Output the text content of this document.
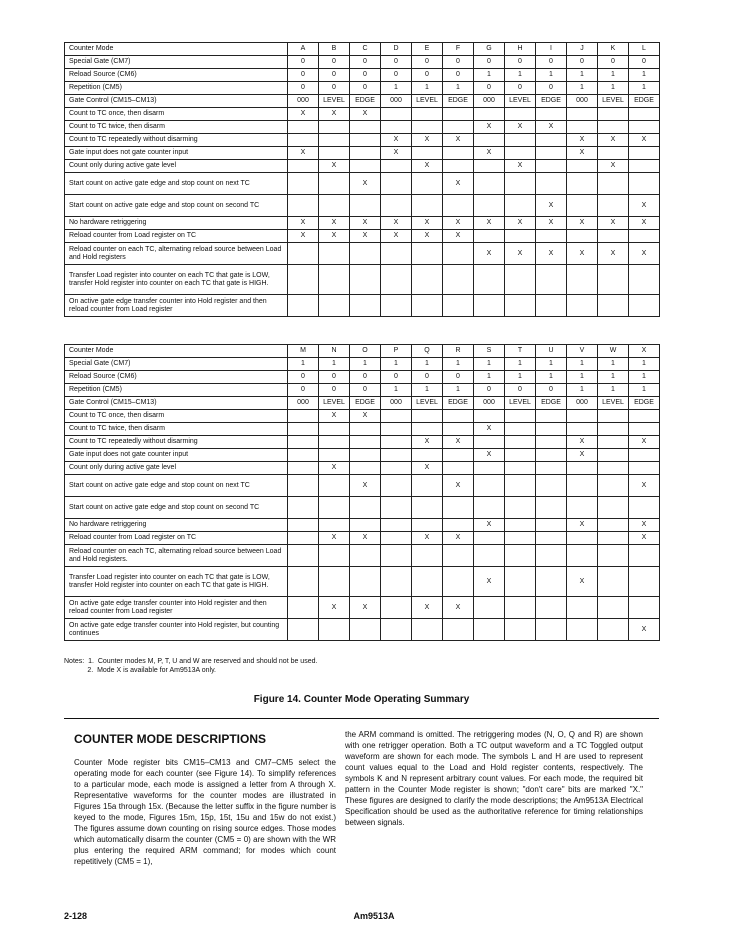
Counter Mode	A	B	C	D	E	F	G	H	I	J	K	L
Special Gate (CM7)	0	0	0	0	0	0	0	0	0	0	0	0
Reload Source (CM6)	0	0	0	0	0	0	1	1	1	1	1	1
Repetition (CM5)	0	0	0	1	1	1	0	0	0	1	1	1
Gate Control (CM15–CM13)	000	LEVEL	EDGE	000	LEVEL	EDGE	000	LEVEL	EDGE	000	LEVEL	EDGE
Count to TC once, then disarm	X	X	X									
Count to TC twice, then disarm							X	X	X			
Count to TC repeatedly without disarming				X	X	X				X	X	X
Gate input does not gate counter input	X			X			X			X		
Count only during active gate level		X			X			X			X	
Start count on active gate edge and stop count on next TC			X			X						
Start count on active gate edge and stop count on second TC									X			X
No hardware retriggering	X	X	X	X	X	X	X	X	X	X	X	X
Reload counter from Load register on TC	X	X	X	X	X	X						
Reload counter on each TC, alternating reload source between Load and Hold registers							X	X	X	X	X	X
Transfer Load register into counter on each TC that gate is LOW, transfer Hold register into counter on each TC that gate is HIGH.												
On active gate edge transfer counter into Hold register and then reload counter from Load register												
Counter Mode	M	N	O	P	Q	R	S	T	U	V	W	X
Special Gate (CM7)	1	1	1	1	1	1	1	1	1	1	1	1
Reload Source (CM6)	0	0	0	0	0	0	1	1	1	1	1	1
Repetition (CM5)	0	0	0	1	1	1	0	0	0	1	1	1
Gate Control (CM15–CM13)	000	LEVEL	EDGE	000	LEVEL	EDGE	000	LEVEL	EDGE	000	LEVEL	EDGE
Count to TC once, then disarm		X	X									
Count to TC twice, then disarm							X					
Count to TC repeatedly without disarming					X	X				X		X
Gate input does not gate counter input							X			X		
Count only during active gate level		X			X							
Start count on active gate edge and stop count on next TC			X			X						X
Start count on active gate edge and stop count on second TC												
No hardware retriggering							X			X		X
Reload counter from Load register on TC		X	X		X	X						X
Reload counter on each TC, alternating reload source between Load and Hold registers.												
Transfer Load register into counter on each TC that gate is LOW, transfer Hold register into counter on each TC that gate is HIGH.							X			X		
On active gate edge transfer counter into Hold register and then reload counter from Load register		X	X		X	X						
On active gate edge transfer counter into Hold register, but counting continues												X
Notes:  1.  Counter modes M, P, T, U and W are reserved and should not be used.
2.  Mode X is available for Am9513A only.
Figure 14. Counter Mode Operating Summary
COUNTER MODE DESCRIPTIONS
Counter Mode register bits CM15–CM13 and CM7–CM5 select the operating mode for each counter (see Figure 14). To simplify references to a particular mode, each mode is assigned a letter from A through X. Representative waveforms for the counter modes are illustrated in Figures 15a through 15x. (Because the letter suffix in the figure number is keyed to the mode, Figures 15m, 15p, 15t, 15u and 15w do not exist.) The figures assume down counting on rising source edges. Those modes which automatically disarm the counter (CM5 = 0) are shown with the WR plus entering the required ARM command; for modes which count repetitively (CM5 = 1),
the ARM command is omitted. The retriggering modes (N, O, Q and R) are shown with one retrigger operation. Both a TC output waveform and a TC Toggled output waveform are shown for each mode. The symbols L and H are used to represent count values equal to the Load and Hold register contents, respectively. The symbols K and N represent arbitrary count values. For each mode, the required bit pattern in the Counter Mode register is shown; "don't care" bits are marked "X." These figures are designed to clarify the mode descriptions; the Am9513A Electrical Specification should be used as the authoritative reference for timing relationships between signals.
2-128	Am9513A
